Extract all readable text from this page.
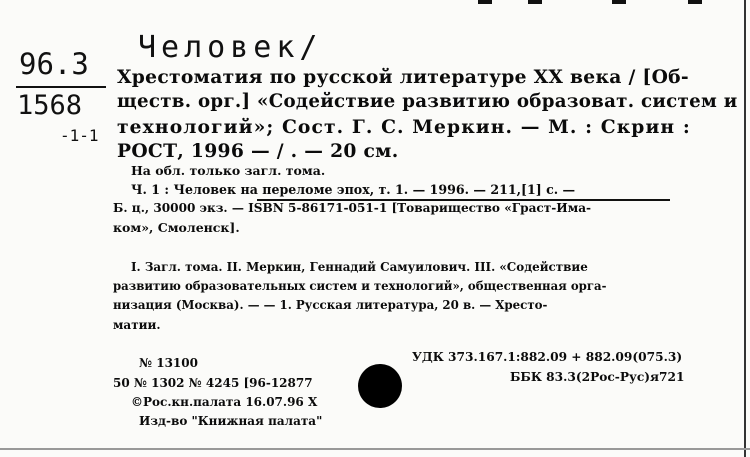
96.3
1568
-1-1
Человек/
Хрестоматия по русской литературе XX века / [Об-
ществ. орг.] «Содействие развитию образоват. систем и
технологий»; Сост. Г. С. Меркин. — М. : Скрин :
РОСТ, 1996 — / . — 20 см.
На обл. только загл. тома.
Ч. 1 : Человек на переломе эпох, т. 1. — 1996. — 211,[1] с. —
Б. ц., 30000 экз. — ISBN 5-86171-051-1 [Товарищество «Граст-Има-
ком», Смоленск].
I. Загл. тома. II. Меркин, Геннадий Самуилович. III. «Содействие
развитию образовательных систем и технологий», общественная орга-
низация (Москва). — — 1. Русская литература, 20 в. — Хресто-
матии.
№ 13100
50 № 1302 № 4245 [96-12877
©Рос.кн.палата 16.07.96 Х
Изд-во "Книжная палата"
УДК 373.167.1:882.09 + 882.09(075.3)
ББК 83.3(2Рос-Рус)я721
